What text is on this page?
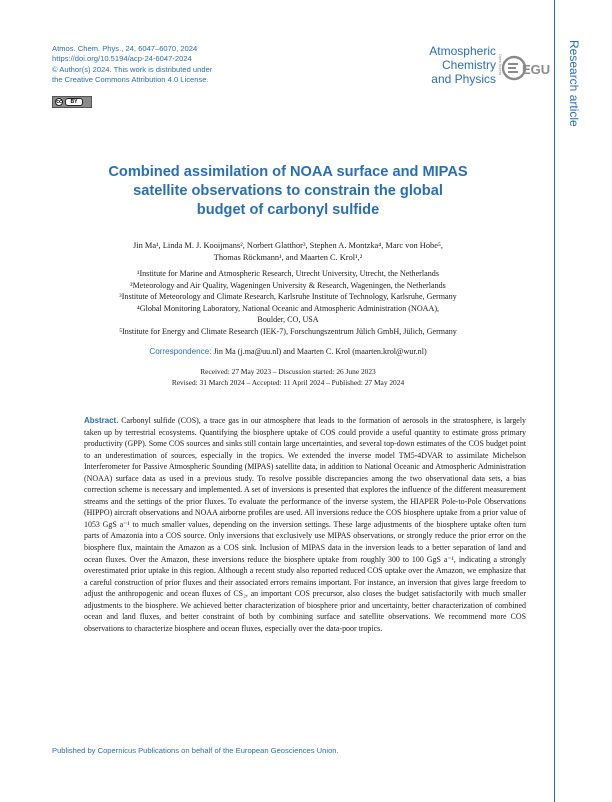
Atmos. Chem. Phys., 24, 6047–6070, 2024
https://doi.org/10.5194/acp-24-6047-2024
© Author(s) 2024. This work is distributed under
the Creative Commons Attribution 4.0 License.
cc	BY
Atmospheric
Chemistry
and Physics
Open Access EGU Research article
Combined assimilation of NOAA surface and MIPAS
satellite observations to constrain the global
budget of carbonyl sulfide
Jin Ma¹, Linda M. J. Kooijmans², Norbert Glatthor³, Stephen A. Montzka⁴, Marc von Hobe⁵,
Thomas Röckmann¹, and Maarten C. Krol¹,²
¹Institute for Marine and Atmospheric Research, Utrecht University, Utrecht, the Netherlands
²Meteorology and Air Quality, Wageningen University & Research, Wageningen, the Netherlands
³Institute of Meteorology and Climate Research, Karlsruhe Institute of Technology, Karlsruhe, Germany
⁴Global Monitoring Laboratory, National Oceanic and Atmospheric Administration (NOAA),
Boulder, CO, USA
⁵Institute for Energy and Climate Research (IEK-7), Forschungszentrum Jülich GmbH, Jülich, Germany
Correspondence: Jin Ma (j.ma@uu.nl) and Maarten C. Krol (maarten.krol@wur.nl)
Received: 27 May 2023 – Discussion started: 26 June 2023
Revised: 31 March 2024 – Accepted: 11 April 2024 – Published: 27 May 2024
Abstract. Carbonyl sulfide (COS), a trace gas in our atmosphere that leads to the formation of aerosols in the stratosphere, is largely taken up by terrestrial ecosystems. Quantifying the biosphere uptake of COS could provide a useful quantity to estimate gross primary productivity (GPP). Some COS sources and sinks still contain large uncertainties, and several top-down estimates of the COS budget point to an underestimation of sources, especially in the tropics. We extended the inverse model TM5-4DVAR to assimilate Michelson Interferometer for Passive Atmospheric Sounding (MIPAS) satellite data, in addition to National Oceanic and Atmospheric Administration (NOAA) surface data as used in a previous study. To resolve possible discrepancies among the two observational data sets, a bias correction scheme is necessary and implemented. A set of inversions is presented that explores the influence of the different measurement streams and the settings of the prior fluxes. To evaluate the performance of the inverse system, the HIAPER Pole-to-Pole Observations (HIPPO) aircraft observations and NOAA airborne profiles are used. All inversions reduce the COS biosphere uptake from a prior value of 1053 GgS a⁻¹ to much smaller values, depending on the inversion settings. These large adjustments of the biosphere uptake often turn parts of Amazonia into a COS source. Only inversions that exclusively use MIPAS observations, or strongly reduce the prior error on the biosphere flux, maintain the Amazon as a COS sink. Inclusion of MIPAS data in the inversion leads to a better separation of land and ocean fluxes. Over the Amazon, these inversions reduce the biosphere uptake from roughly 300 to 100 GgS a⁻¹, indicating a strongly overestimated prior uptake in this region. Although a recent study also reported reduced COS uptake over the Amazon, we emphasize that a careful construction of prior fluxes and their associated errors remains important. For instance, an inversion that gives large freedom to adjust the anthropogenic and ocean fluxes of CS₂, an important COS precursor, also closes the budget satisfactorily with much smaller adjustments to the biosphere. We achieved better characterization of biosphere prior and uncertainty, better characterization of combined ocean and land fluxes, and better constraint of both by combining surface and satellite observations. We recommend more COS observations to characterize biosphere and ocean fluxes, especially over the data-poor tropics.
Published by Copernicus Publications on behalf of the European Geosciences Union.
